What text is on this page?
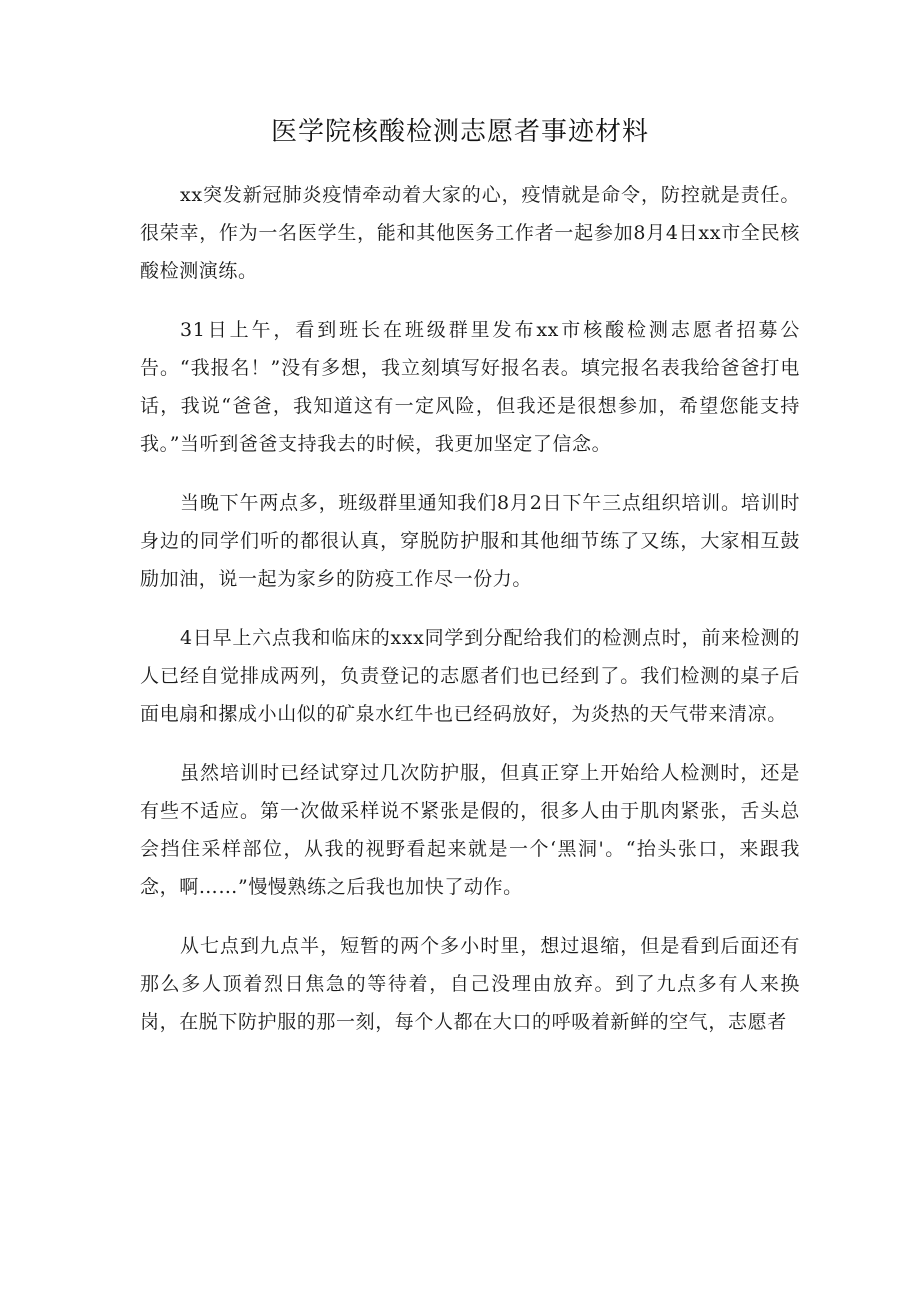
医学院核酸检测志愿者事迹材料

xx突发新冠肺炎疫情牵动着大家的心，疫情就是命令，防控就是责任。很荣幸，作为一名医学生，能和其他医务工作者一起参加8月4日xx市全民核酸检测演练。

31日上午，看到班长在班级群里发布xx市核酸检测志愿者招募公告。“我报名！”没有多想，我立刻填写好报名表。填完报名表我给爸爸打电话，我说“爸爸，我知道这有一定风险，但我还是很想参加，希望您能支持我。”当听到爸爸支持我去的时候，我更加坚定了信念。

当晚下午两点多，班级群里通知我们8月2日下午三点组织培训。培训时身边的同学们听的都很认真，穿脱防护服和其他细节练了又练，大家相互鼓励加油，说一起为家乡的防疫工作尽一份力。

4日早上六点我和临床的xxx同学到分配给我们的检测点时，前来检测的人已经自觉排成两列，负责登记的志愿者们也已经到了。我们检测的桌子后面电扇和摞成小山似的矿泉水红牛也已经码放好，为炎热的天气带来清凉。

虽然培训时已经试穿过几次防护服，但真正穿上开始给人检测时，还是有些不适应。第一次做采样说不紧张是假的，很多人由于肌肉紧张，舌头总会挡住采样部位，从我的视野看起来就是一个‘黑洞'。“抬头张口，来跟我念，啊……”慢慢熟练之后我也加快了动作。

从七点到九点半，短暂的两个多小时里，想过退缩，但是看到后面还有那么多人顶着烈日焦急的等待着，自己没理由放弃。到了九点多有人来换岗，在脱下防护服的那一刻，每个人都在大口的呼吸着新鲜的空气，志愿者
